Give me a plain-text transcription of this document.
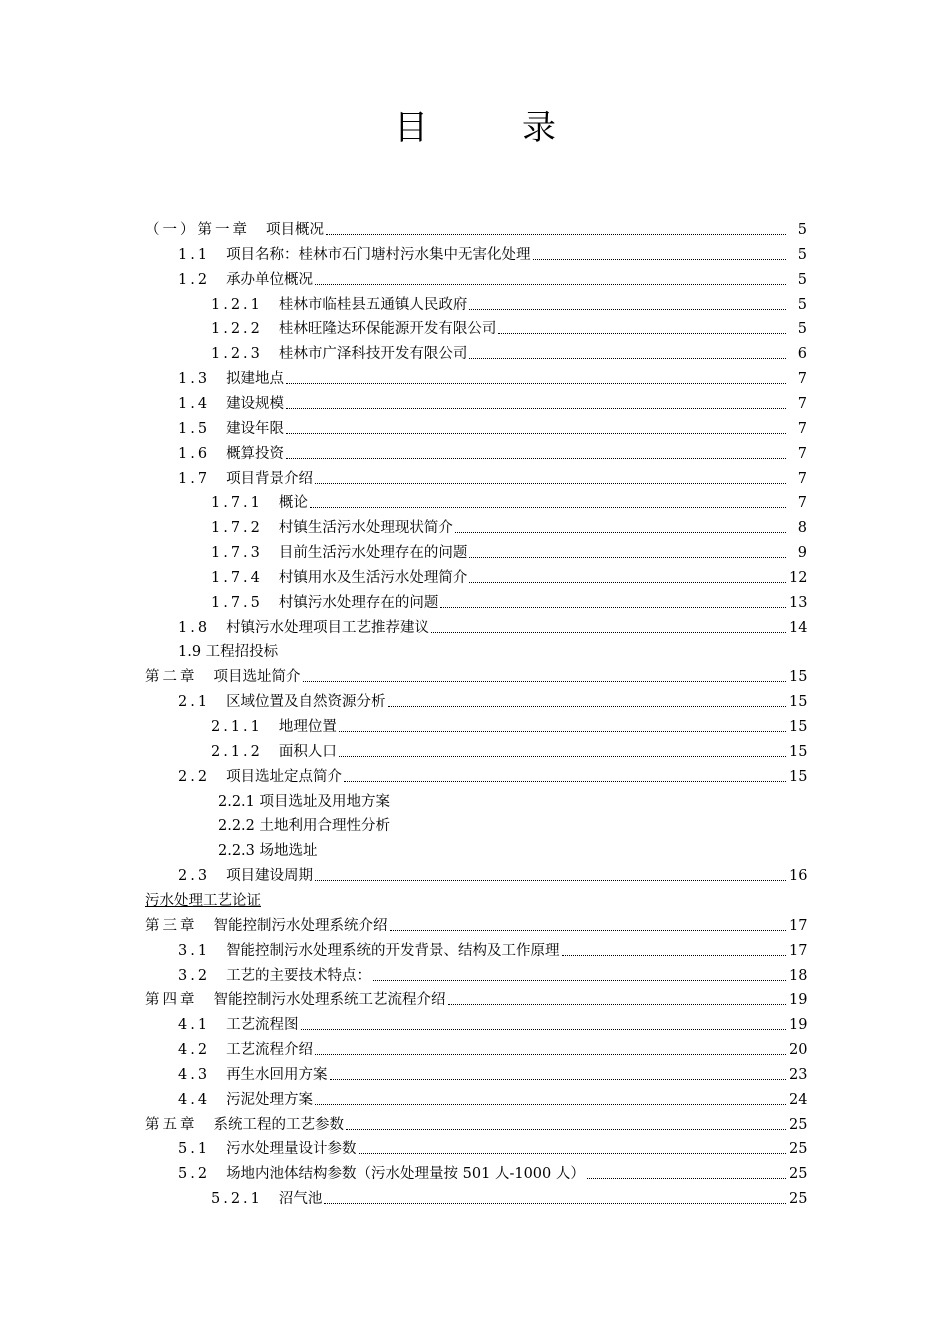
目　录
（一）第一章 项目概况	5
1.1 项目名称：桂林市石门塘村污水集中无害化处理	5
1.2 承办单位概况	5
1.2.1 桂林市临桂县五通镇人民政府	5
1.2.2 桂林旺隆达环保能源开发有限公司	5
1.2.3 桂林市广泽科技开发有限公司	6
1.3 拟建地点	7
1.4 建设规模	7
1.5 建设年限	7
1.6 概算投资	7
1.7 项目背景介绍	7
1.7.1 概论	7
1.7.2 村镇生活污水处理现状简介	8
1.7.3 目前生活污水处理存在的问题	9
1.7.4 村镇用水及生活污水处理简介	12
1.7.5 村镇污水处理存在的问题	13
1.8 村镇污水处理项目工艺推荐建议	14
1.9 工程招投标
第二章 项目选址简介	15
2.1 区域位置及自然资源分析	15
2.1.1 地理位置	15
2.1.2 面积人口	15
2.2 项目选址定点简介	15
2.2.1 项目选址及用地方案
2.2.2 土地利用合理性分析
2.2.3 场地选址
2.3 项目建设周期	16
污水处理工艺论证
第三章 智能控制污水处理系统介绍	17
3.1 智能控制污水处理系统的开发背景、结构及工作原理	17
3.2 工艺的主要技术特点：	18
第四章 智能控制污水处理系统工艺流程介绍	19
4.1 工艺流程图	19
4.2 工艺流程介绍	20
4.3 再生水回用方案	23
4.4 污泥处理方案	24
第五章 系统工程的工艺参数	25
5.1 污水处理量设计参数	25
5.2 场地内池体结构参数（污水处理量按 501 人-1000 人）	25
5.2.1 沼气池	25
